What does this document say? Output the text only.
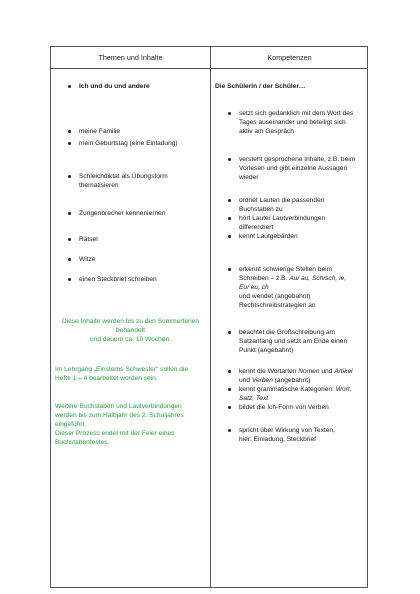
Themen und Inhalte	Kompetenzen
Ich und du und andere
meine Familie
mein Geburtstag (eine Einladung)
Schleichdiktat als Übungsform
thematisieren
Zungenbrecher kennenlernen
Rätsel
Witze
einen Steckbrief schreiben
Diese Inhalte werden bis zu den Sommerferien
behandelt
und dauern ca. 10 Wochen.
Im Lehrgang „Einsterns Schwester“ sollen die
Hefte 1 – 4 bearbeitet worden sein.
Weitere Buchstaben und Lautverbindungen
werden bis zum Halbjahr des 2. Schuljahres
eingeführt.
Dieser Prozess endet mit der Feier eines
Buchstabenfestes.
Die Schülerin / der Schüler…
setzt sich gedanklich mit dem Wort des
Tages auseinander und beteiligt sich
aktiv am Gespräch
versteht gesprochene Inhalte, z.B. beim
Vorlesen und gibt einzelne Aussagen
wieder
ordnet Lauten die passenden
Buchstaben zu
hört Laute/ Lautverbindungen
differenziert
kennt Lautgebärden
erkennt schwierige Stellen beim
Schreiben – z.B. Au/ au, Sch/sch, ie,
Eu/ eu, ch
und wendet (angebahnt)
Rechtschreibstrategien an
beachtet die Großschreibung am
Satzanfang und setzt am Ende einen
Punkt (angebahnt)
kennt die Wortarten Nomen und Artikel
und Verben (angebahnt)
kennt grammatische Kategorien: Wort,
Satz, Text
bildet die Ich-Form von Verben
spricht über Wirkung von Texten,
hier: Einladung, Steckbrief
